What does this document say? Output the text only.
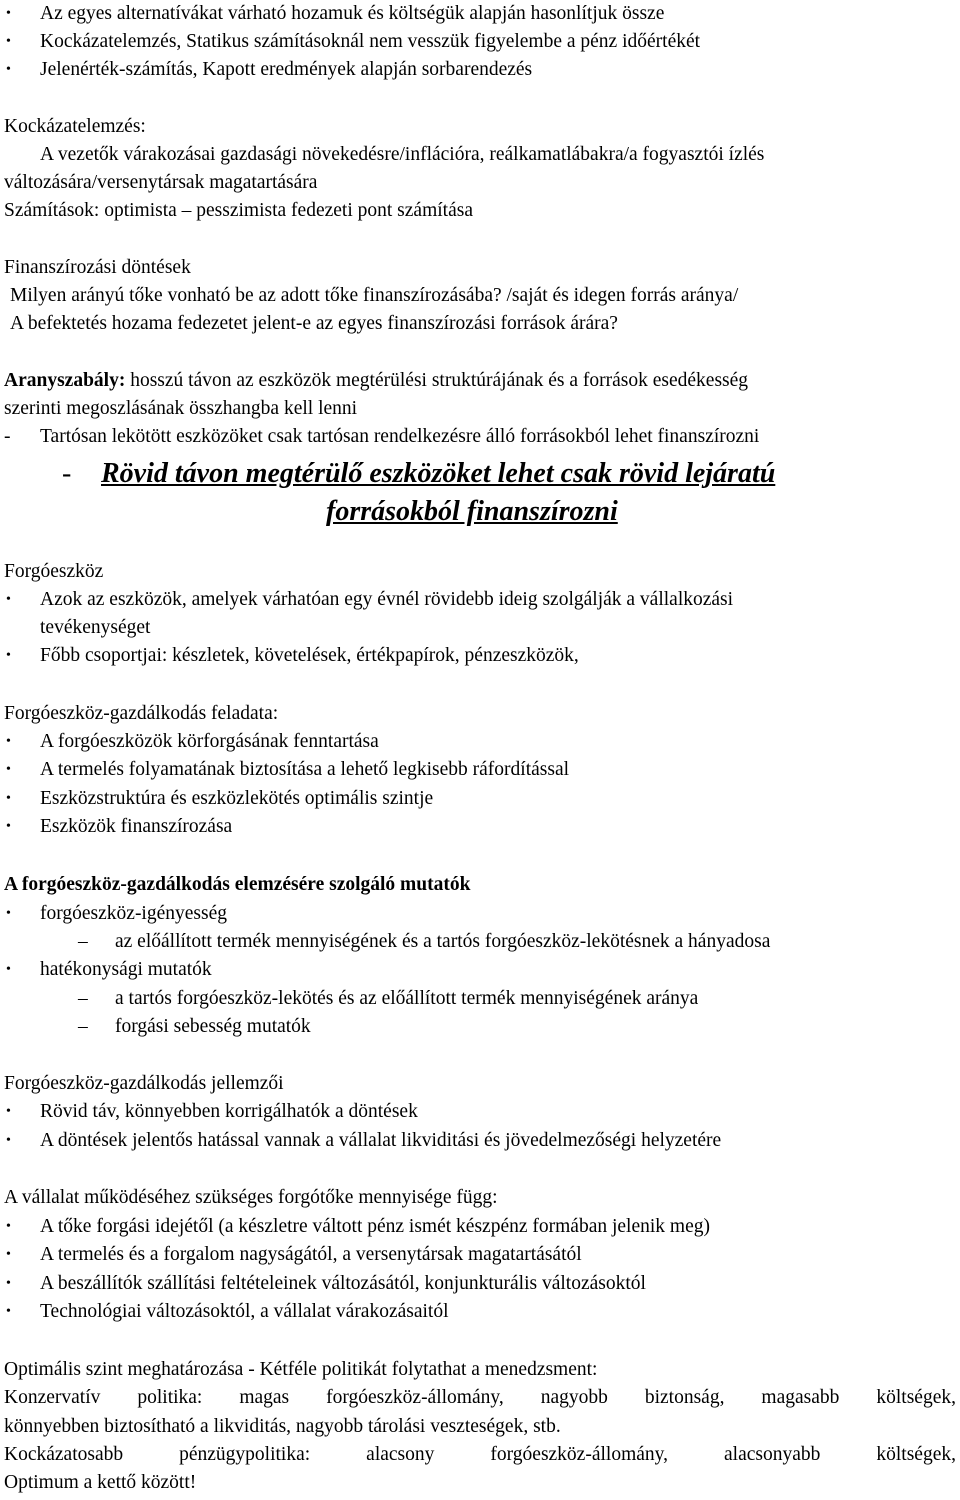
• Az egyes alternatívákat várható hozamuk és költségük alapján hasonlítjuk össze
• Kockázatelemzés, Statikus számításoknál nem vesszük figyelembe a pénz időértékét
• Jelenérték-számítás, Kapott eredmények alapján sorbarendezés
Kockázatelemzés:
A vezetők várakozásai gazdasági növekedésre/inflációra, reálkamatlábakra/a fogyasztói ízlés
változására/versenytársak magatartására
Számítások: optimista – pesszimista fedezeti pont számítása
Finanszírozási döntések
Milyen arányú tőke vonható be az adott tőke finanszírozásába? /saját és idegen forrás aránya/
A befektetés hozama fedezetet jelent-e az egyes finanszírozási források árára?
Aranyszabály: hosszú távon az eszközök megtérülési struktúrájának és a források esedékesség
szerinti megoszlásának összhangba kell lenni
- Tartósan lekötött eszközöket csak tartósan rendelkezésre álló forrásokból lehet finanszírozni
- Rövid távon megtérülő eszközöket lehet csak rövid lejáratú
forrásokból finanszírozni
Forgóeszköz
• Azok az eszközök, amelyek várhatóan egy évnél rövidebb ideig szolgálják a vállalkozási
tevékenységet
• Főbb csoportjai: készletek, követelések, értékpapírok, pénzeszközök,
Forgóeszköz-gazdálkodás feladata:
• A forgóeszközök körforgásának fenntartása
• A termelés folyamatának biztosítása a lehető legkisebb ráfordítással
• Eszközstruktúra és eszközlekötés optimális szintje
• Eszközök finanszírozása
A forgóeszköz-gazdálkodás elemzésére szolgáló mutatók
• forgóeszköz-igényesség
– az előállított termék mennyiségének és a tartós forgóeszköz-lekötésnek a hányadosa
• hatékonysági mutatók
– a tartós forgóeszköz-lekötés és az előállított termék mennyiségének aránya
– forgási sebesség mutatók
Forgóeszköz-gazdálkodás jellemzői
• Rövid táv, könnyebben korrigálhatók a döntések
• A döntések jelentős hatással vannak a vállalat likviditási és jövedelmezőségi helyzetére
A vállalat működéséhez szükséges forgótőke mennyisége függ:
• A tőke forgási idejétől (a készletre váltott pénz ismét készpénz formában jelenik meg)
• A termelés és a forgalom nagyságától, a versenytársak magatartásától
• A beszállítók szállítási feltételeinek változásától, konjunkturális változásoktól
• Technológiai változásoktól, a vállalat várakozásaitól
Optimális szint meghatározása - Kétféle politikát folytathat a menedzsment:
Konzervatív politika: magas forgóeszköz-állomány, nagyobb biztonság, magasabb költségek,
könnyebben biztosítható a likviditás, nagyobb tárolási veszteségek, stb.
Kockázatosabb pénzügypolitika: alacsony forgóeszköz-állomány, alacsonyabb költségek,
Optimum a kettő között!
